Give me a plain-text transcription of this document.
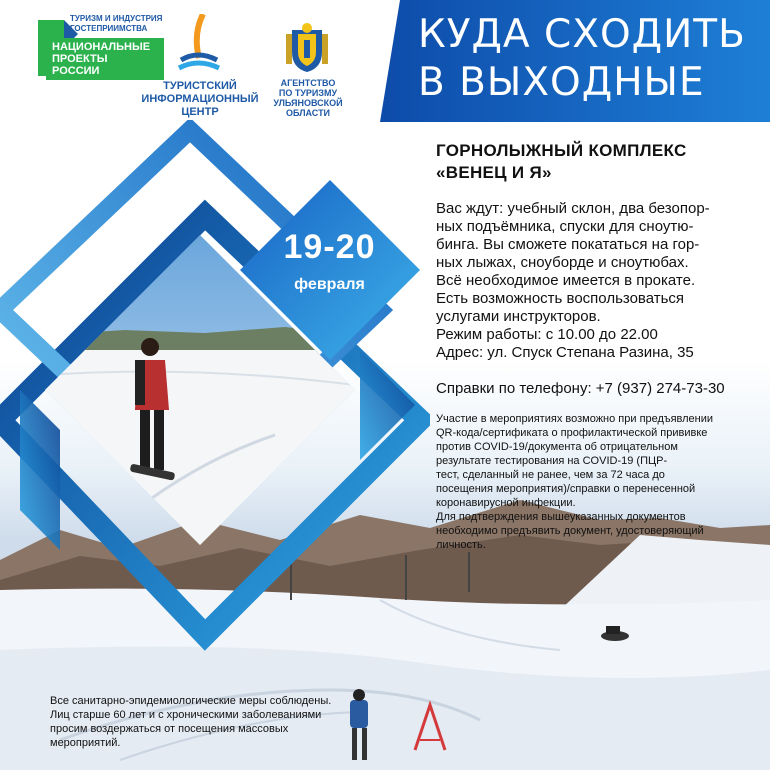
19-20
февраля
КУДА СХОДИТЬ
В ВЫХОДНЫЕ
ТУРИЗМ И ИНДУСТРИЯ
ГОСТЕПРИИМСТВА
НАЦИОНАЛЬНЫЕ
ПРОЕКТЫ
РОССИИ
ТУРИСТСКИЙ
ИНФОРМАЦИОННЫЙ
ЦЕНТР
АГЕНТСТВО
ПО ТУРИЗМУ
УЛЬЯНОВСКОЙ
ОБЛАСТИ
ГОРНОЛЫЖНЫЙ КОМПЛЕКС
«ВЕНЕЦ И Я»
Вас ждут: учебный склон, два безопор-
ных подъёмника, спуски для сноутю-
бинга. Вы сможете покататься на гор-
ных лыжах, сноуборде и сноутюбах.
Всё необходимое имеется в прокате.
Есть возможность воспользоваться
услугами инструкторов.
Режим работы: с 10.00 до 22.00
Адрес: ул. Спуск Степана Разина, 35
Справки по телефону: +7 (937) 274-73-30
Участие в мероприятиях возможно при предъявлении
QR-кода/сертификата о профилактической прививке
против COVID-19/документа об отрицательном
результате тестирования на COVID-19 (ПЦР-
тест, сделанный не ранее, чем за 72 часа до
посещения мероприятия)/справки о перенесенной
коронавирусной инфекции.
Для подтверждения вышеуказанных документов
необходимо предъявить документ, удостоверяющий
личность.
Все санитарно-эпидемиологические меры соблюдены.
Лиц старше 60 лет и с хроническими заболеваниями
просим воздержаться от посещения массовых
мероприятий.
